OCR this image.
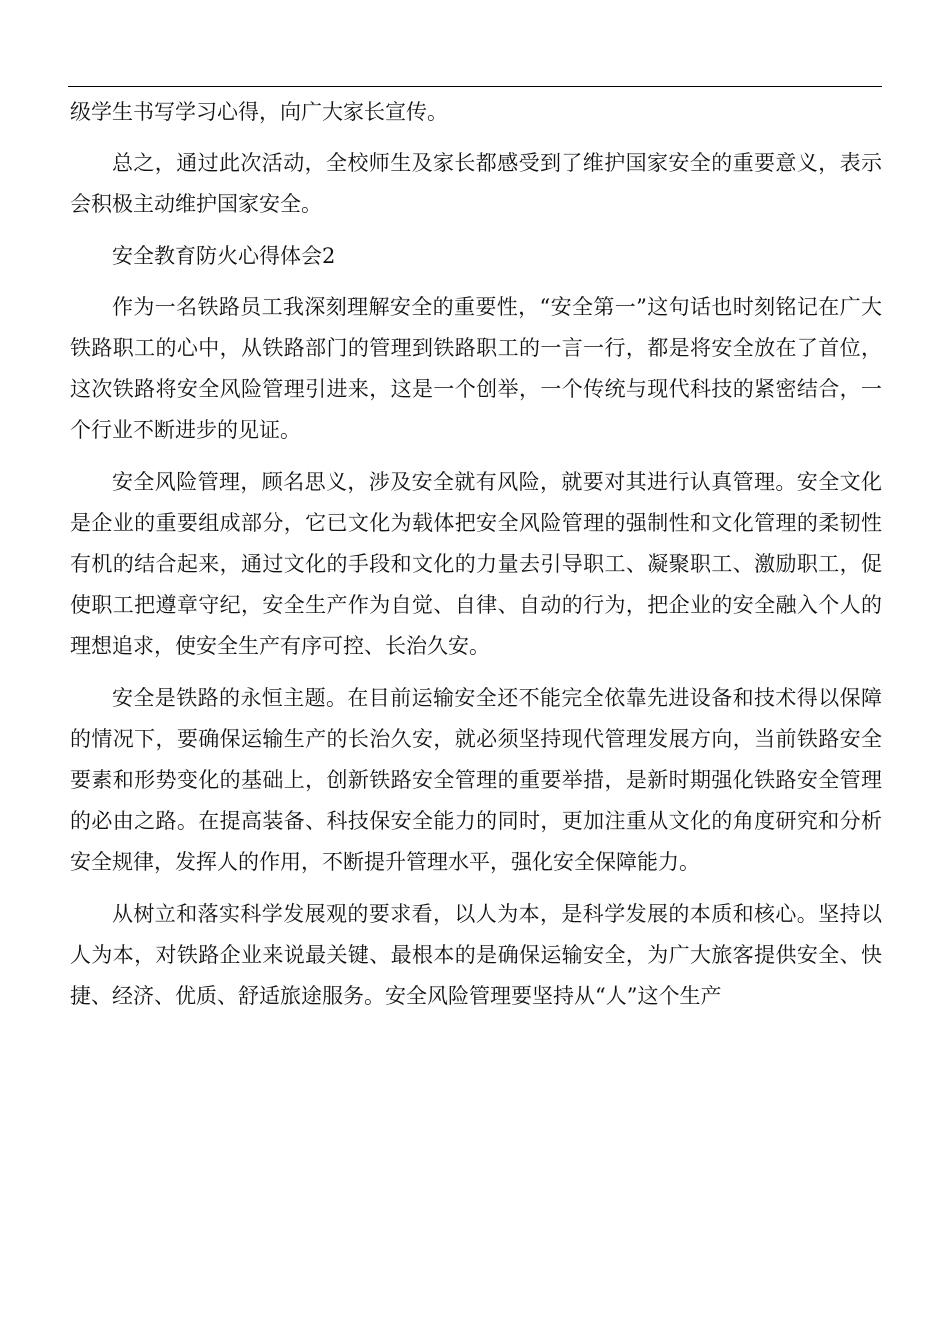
级学生书写学习心得，向广大家长宣传。

总之，通过此次活动，全校师生及家长都感受到了维护国家安全的重要意义，表示会积极主动维护国家安全。

安全教育防火心得体会2

作为一名铁路员工我深刻理解安全的重要性，“安全第一”这句话也时刻铭记在广大铁路职工的心中，从铁路部门的管理到铁路职工的一言一行，都是将安全放在了首位，这次铁路将安全风险管理引进来，这是一个创举，一个传统与现代科技的紧密结合，一个行业不断进步的见证。

安全风险管理，顾名思义，涉及安全就有风险，就要对其进行认真管理。安全文化是企业的重要组成部分，它已文化为载体把安全风险管理的强制性和文化管理的柔韧性有机的结合起来，通过文化的手段和文化的力量去引导职工、凝聚职工、激励职工，促使职工把遵章守纪，安全生产作为自觉、自律、自动的行为，把企业的安全融入个人的理想追求，使安全生产有序可控、长治久安。

安全是铁路的永恒主题。在目前运输安全还不能完全依靠先进设备和技术得以保障的情况下，要确保运输生产的长治久安，就必须坚持现代管理发展方向，当前铁路安全要素和形势变化的基础上，创新铁路安全管理的重要举措，是新时期强化铁路安全管理的必由之路。在提高装备、科技保安全能力的同时，更加注重从文化的角度研究和分析安全规律，发挥人的作用，不断提升管理水平，强化安全保障能力。

从树立和落实科学发展观的要求看，以人为本，是科学发展的本质和核心。坚持以人为本，对铁路企业来说最关键、最根本的是确保运输安全，为广大旅客提供安全、快捷、经济、优质、舒适旅途服务。安全风险管理要坚持从“人”这个生产
